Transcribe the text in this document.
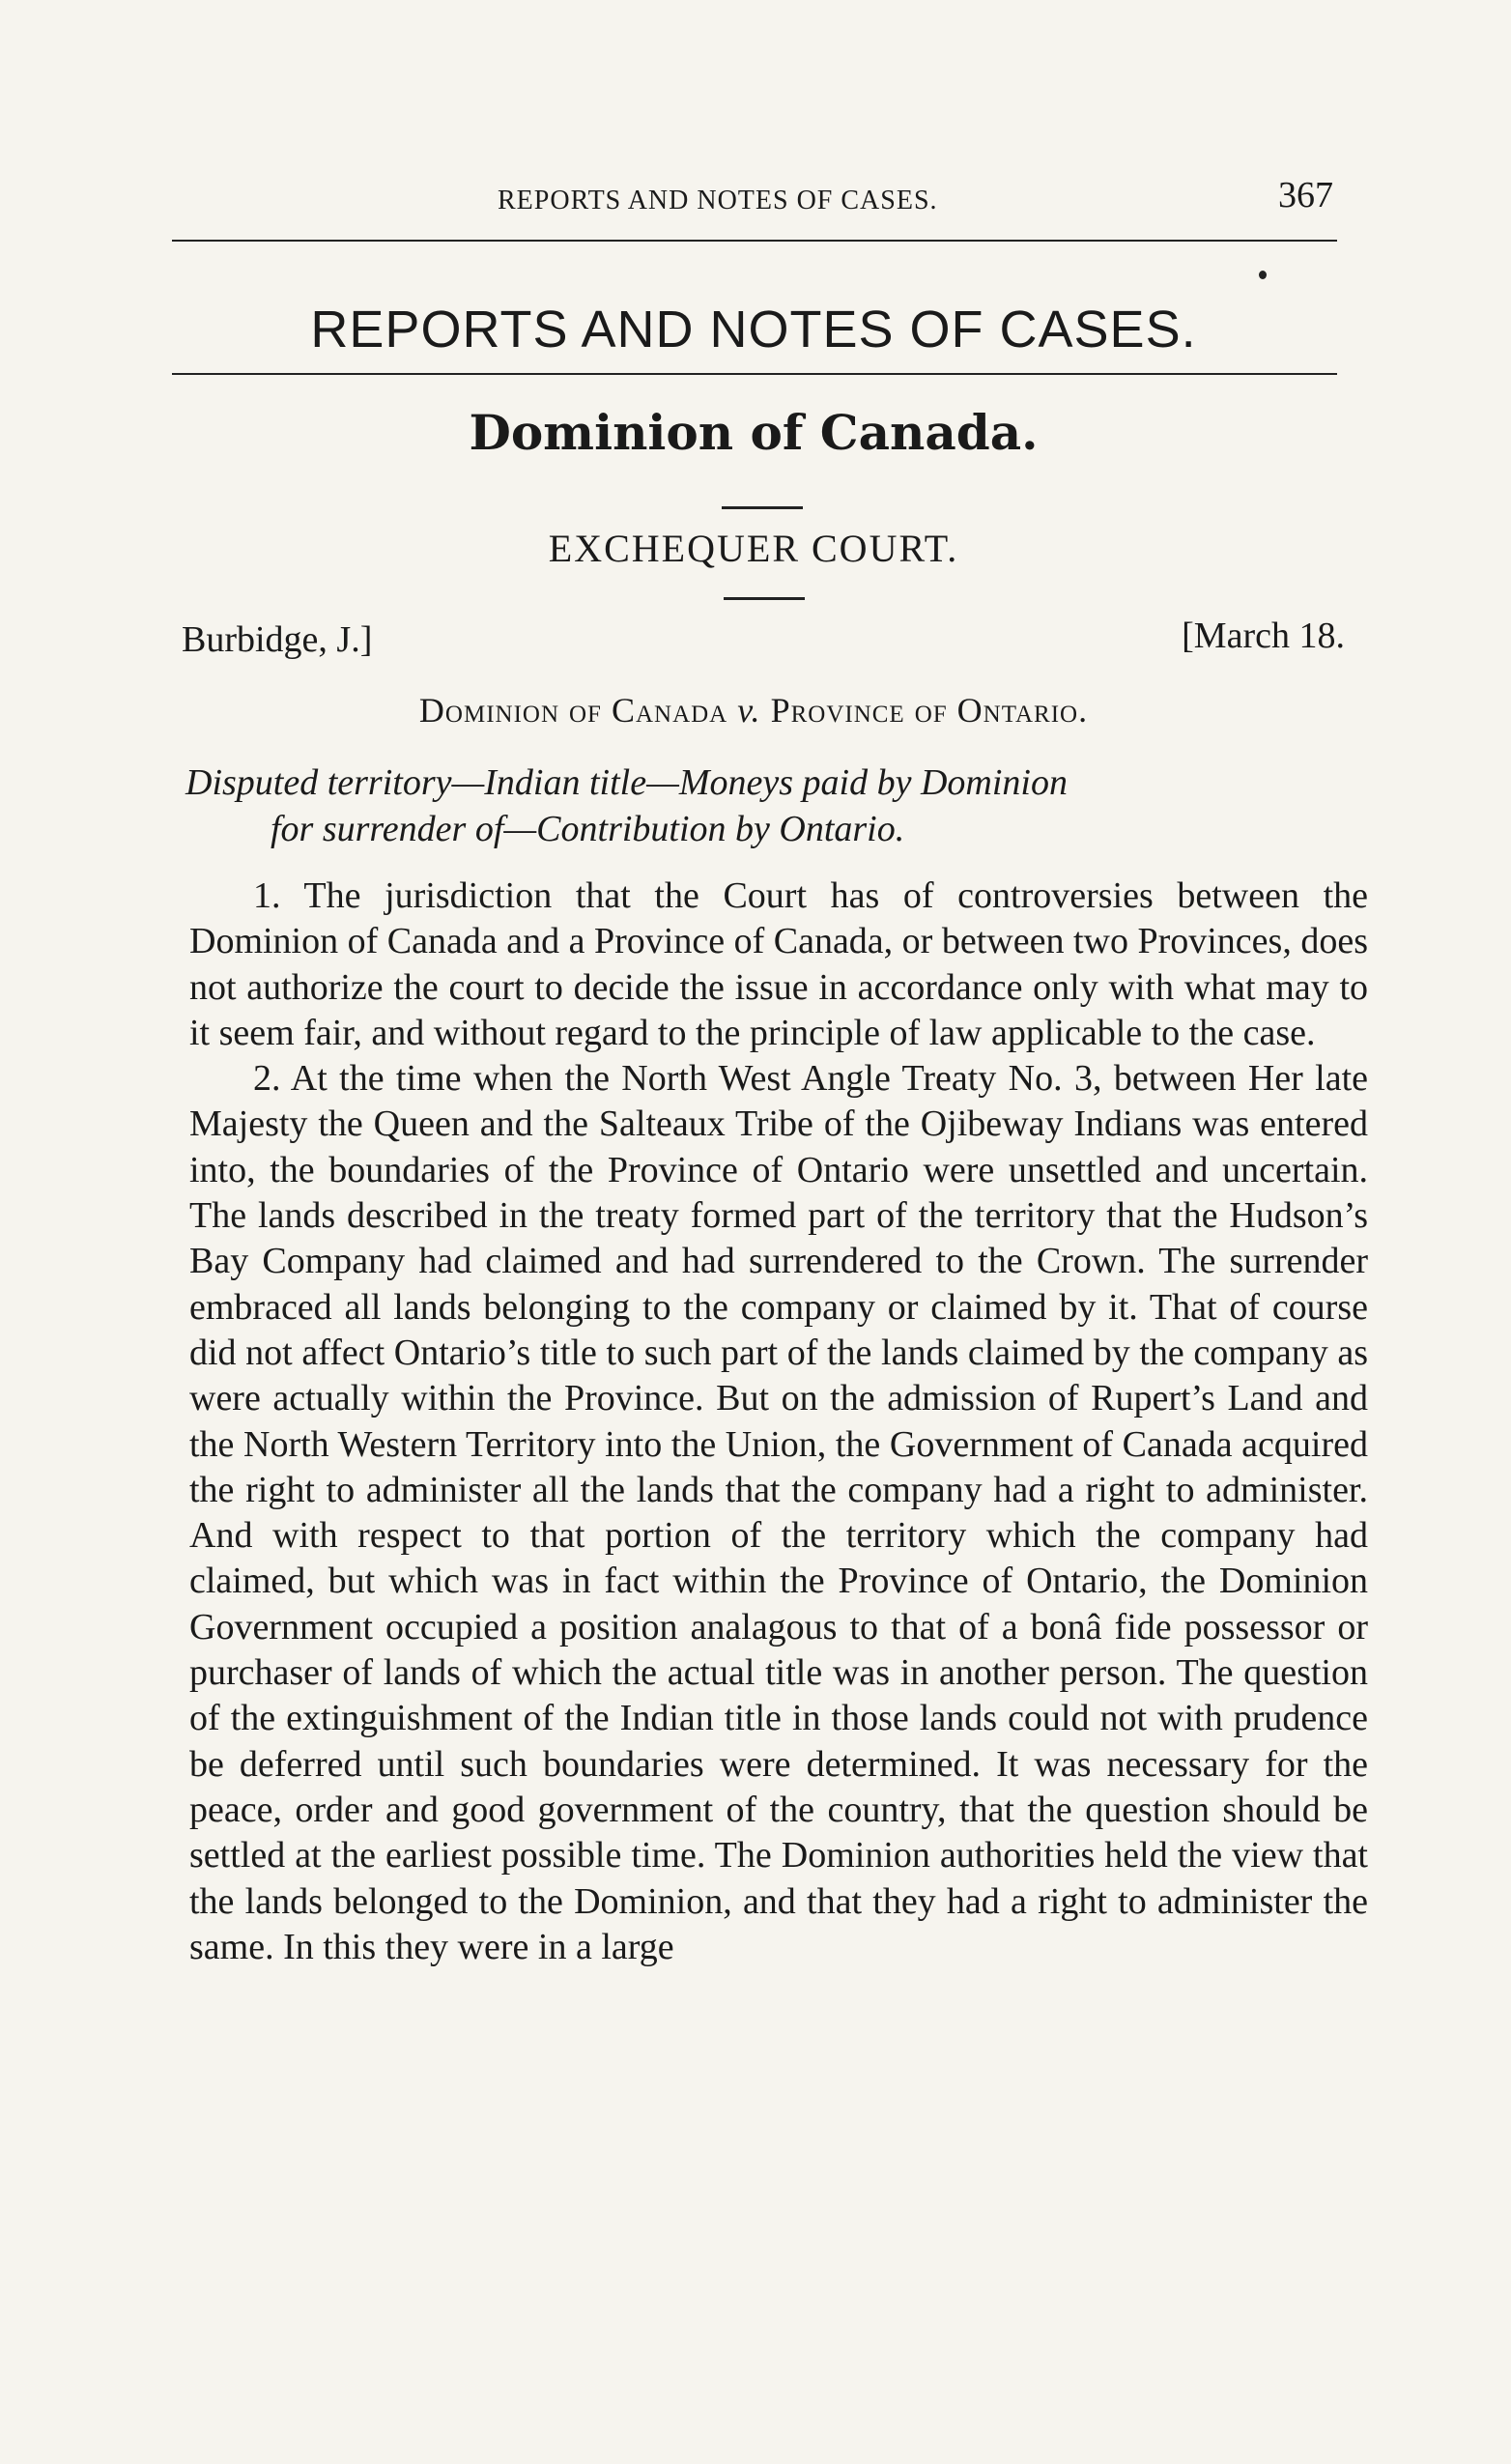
REPORTS AND NOTES OF CASES.	367
REPORTS AND NOTES OF CASES.
Dominion of Canada.
EXCHEQUER COURT.
Burbidge, J.]	[March 18.
Dominion of Canada v. Province of Ontario.
Disputed territory—Indian title—Moneys paid by Dominion
for surrender of—Contribution by Ontario.

1. The jurisdiction that the Court has of controversies between the Dominion of Canada and a Province of Canada, or between two Provinces, does not authorize the court to decide the issue in accordance only with what may to it seem fair, and without regard to the principle of law applicable to the case.

2. At the time when the North West Angle Treaty No. 3, between Her late Majesty the Queen and the Salteaux Tribe of the Ojibeway Indians was entered into, the boundaries of the Province of Ontario were unsettled and uncertain. The lands described in the treaty formed part of the territory that the Hudson’s Bay Company had claimed and had surrendered to the Crown. The surrender embraced all lands belonging to the company or claimed by it. That of course did not affect Ontario’s title to such part of the lands claimed by the company as were actually within the Province. But on the admission of Rupert’s Land and the North Western Territory into the Union, the Government of Canada acquired the right to administer all the lands that the company had a right to administer. And with respect to that portion of the territory which the company had claimed, but which was in fact within the Province of Ontario, the Dominion Government occupied a position analagous to that of a bonâ fide possessor or purchaser of lands of which the actual title was in another person. The question of the extinguishment of the Indian title in those lands could not with prudence be deferred until such boundaries were determined. It was necessary for the peace, order and good government of the country, that the question should be settled at the earliest possible time. The Dominion authorities held the view that the lands belonged to the Dominion, and that they had a right to administer the same. In this they were in a large
